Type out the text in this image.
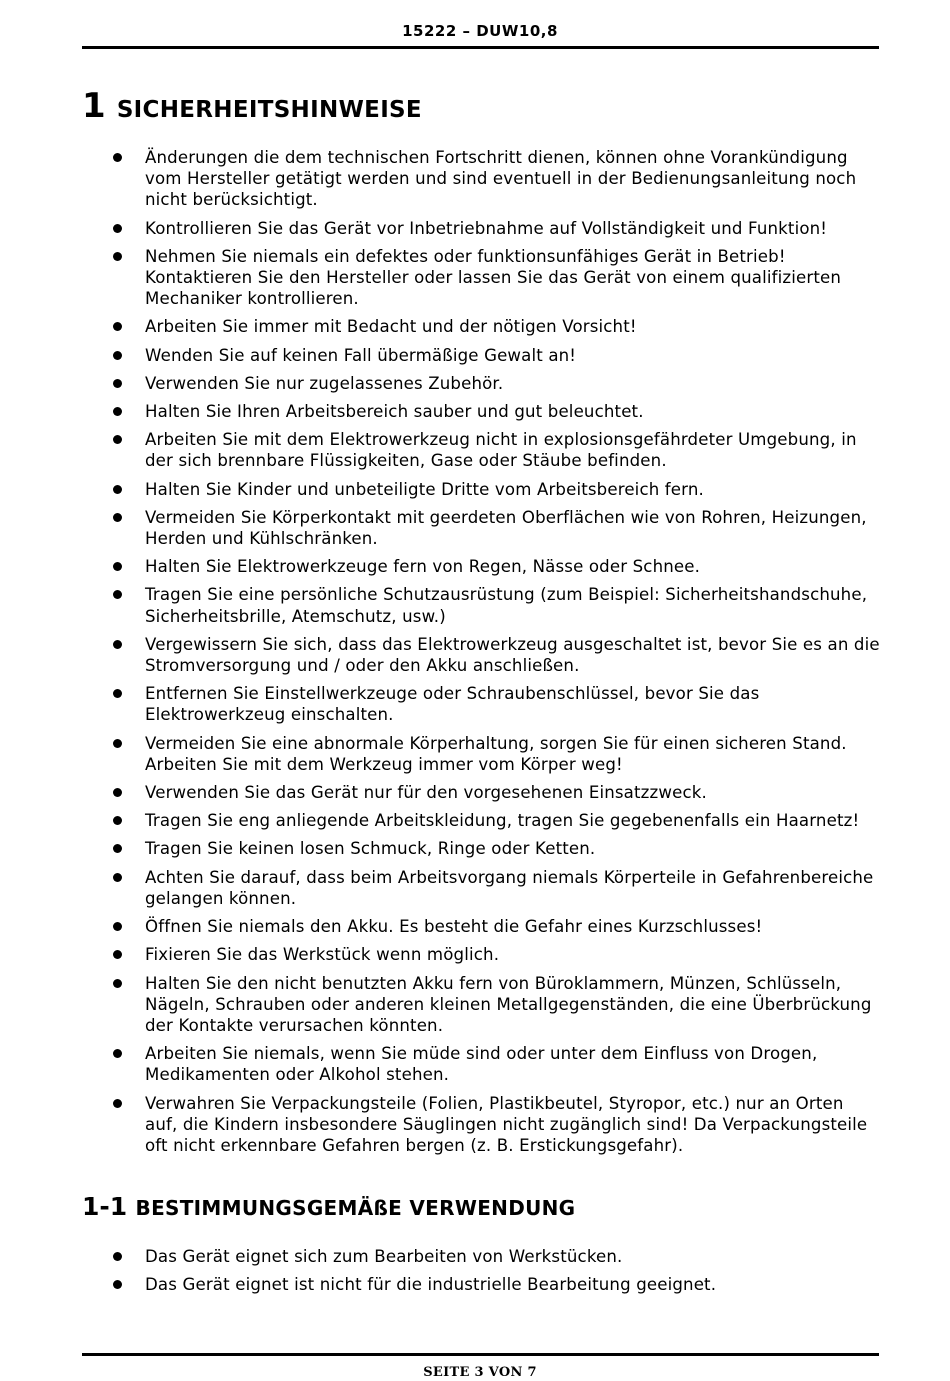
15222 – DUW10,8
1 SICHERHEITSHINWEISE
Änderungen die dem technischen Fortschritt dienen, können ohne Vorankündigung vom Hersteller getätigt werden und sind eventuell in der Bedienungsanleitung noch nicht berücksichtigt.
Kontrollieren Sie das Gerät vor Inbetriebnahme auf Vollständigkeit und Funktion!
Nehmen Sie niemals ein defektes oder funktionsunfähiges Gerät in Betrieb! Kontaktieren Sie den Hersteller oder lassen Sie das Gerät von einem qualifizierten Mechaniker kontrollieren.
Arbeiten Sie immer mit Bedacht und der nötigen Vorsicht!
Wenden Sie auf keinen Fall übermäßige Gewalt an!
Verwenden Sie nur zugelassenes Zubehör.
Halten Sie Ihren Arbeitsbereich sauber und gut beleuchtet.
Arbeiten Sie mit dem Elektrowerkzeug nicht in explosionsgefährdeter Umgebung, in der sich brennbare Flüssigkeiten, Gase oder Stäube befinden.
Halten Sie Kinder und unbeteiligte Dritte vom Arbeitsbereich fern.
Vermeiden Sie Körperkontakt mit geerdeten Oberflächen wie von Rohren, Heizungen, Herden und Kühlschränken.
Halten Sie Elektrowerkzeuge fern von Regen, Nässe oder Schnee.
Tragen Sie eine persönliche Schutzausrüstung (zum Beispiel: Sicherheitshandschuhe, Sicherheitsbrille, Atemschutz, usw.)
Vergewissern Sie sich, dass das Elektrowerkzeug ausgeschaltet ist, bevor Sie es an die Stromversorgung und / oder den Akku anschließen.
Entfernen Sie Einstellwerkzeuge oder Schraubenschlüssel, bevor Sie das Elektrowerkzeug einschalten.
Vermeiden Sie eine abnormale Körperhaltung, sorgen Sie für einen sicheren Stand. Arbeiten Sie mit dem Werkzeug immer vom Körper weg!
Verwenden Sie das Gerät nur für den vorgesehenen Einsatzzweck.
Tragen Sie eng anliegende Arbeitskleidung, tragen Sie gegebenenfalls ein Haarnetz!
Tragen Sie keinen losen Schmuck, Ringe oder Ketten.
Achten Sie darauf, dass beim Arbeitsvorgang niemals Körperteile in Gefahrenbereiche gelangen können.
Öffnen Sie niemals den Akku. Es besteht die Gefahr eines Kurzschlusses!
Fixieren Sie das Werkstück wenn möglich.
Halten Sie den nicht benutzten Akku fern von Büroklammern, Münzen, Schlüsseln, Nägeln, Schrauben oder anderen kleinen Metallgegenständen, die eine Überbrückung der Kontakte verursachen könnten.
Arbeiten Sie niemals, wenn Sie müde sind oder unter dem Einfluss von Drogen, Medikamenten oder Alkohol stehen.
Verwahren Sie Verpackungsteile (Folien, Plastikbeutel, Styropor, etc.) nur an Orten auf, die Kindern insbesondere Säuglingen nicht zugänglich sind! Da Verpackungsteile oft nicht erkennbare Gefahren bergen (z. B. Erstickungsgefahr).
1-1 BESTIMMUNGSGEMÄßE VERWENDUNG
Das Gerät eignet sich zum Bearbeiten von Werkstücken.
Das Gerät eignet ist nicht für die industrielle Bearbeitung geeignet.
SEITE 3 VON 7
